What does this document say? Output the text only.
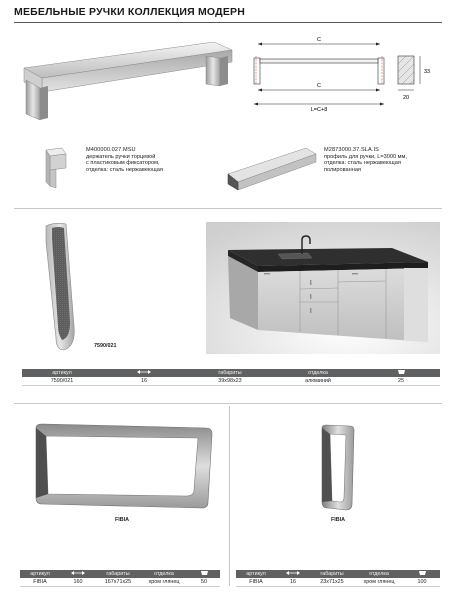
МЕБЕЛЬНЫЕ РУЧКИ КОЛЛЕКЦИЯ МОДЕРН
C
C
L=C+8
33
20
M400000.027.MSU
держатель ручки торцевой
с пластиковым фиксатором,
отделка: сталь нержавеющая
M2873000.37.SLA.IS
профиль для ручки, L=3000 мм,
отделка: сталь нержавеющая
полированная
7590/021
артикул	габариты	отделка
7590/021	16	39x98x23	алюминий	25
FIBIA	FIBIA
артикул	габариты	отделка
FIBIA	160	167x71x25	хром глянец	50
артикул	габариты	отделка
FIBIA	16	23x71x25	хром глянец	100
